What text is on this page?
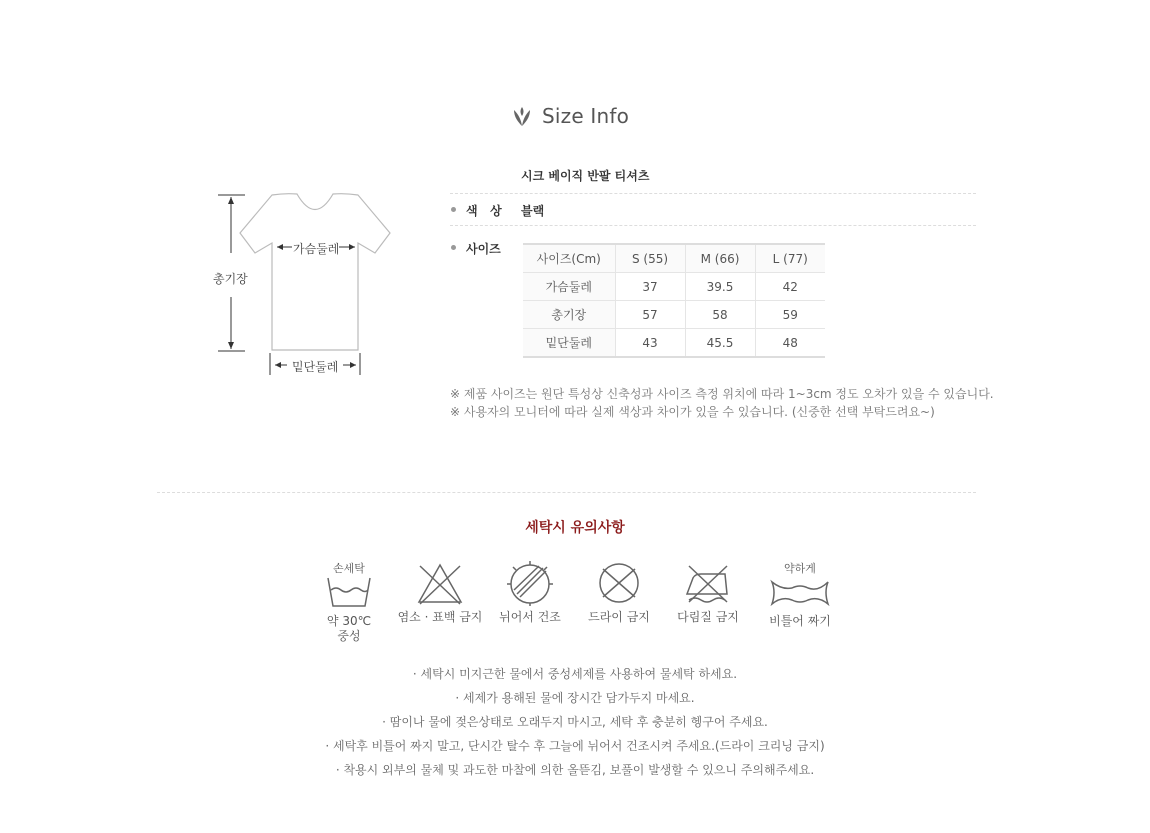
Size Info
가슴둘레
총기장
밑단둘레
시크 베이직 반팔 티셔츠
색   상 블랙
사이즈
사이즈(Cm)	S (55)	M (66)	L (77)
가슴둘레	37	39.5	42
총기장	57	58	59
밑단둘레	43	45.5	48
※ 제품 사이즈는 원단 특성상 신축성과 사이즈 측정 위치에 따라 1~3cm 정도 오차가 있을 수 있습니다.
※ 사용자의 모니터에 따라 실제 색상과 차이가 있을 수 있습니다. (신중한 선택 부탁드려요~)
세탁시 유의사항
손세탁
약 30℃
중성
염소 · 표백 금지	뉘어서 건조	드라이 금지	다림질 금지
약하게
비틀어 짜기
· 세탁시 미지근한 물에서 중성세제를 사용하여 물세탁 하세요.
· 세제가 용해된 물에 장시간 담가두지 마세요.
· 땀이나 물에 젖은상태로 오래두지 마시고, 세탁 후 충분히 헹구어 주세요.
· 세탁후 비틀어 짜지 말고, 단시간 탈수 후 그늘에 뉘어서 건조시켜 주세요.(드라이 크리닝 금지)
· 착용시 외부의 물체 및 과도한 마찰에 의한 올뜯김, 보풀이 발생할 수 있으니 주의해주세요.
